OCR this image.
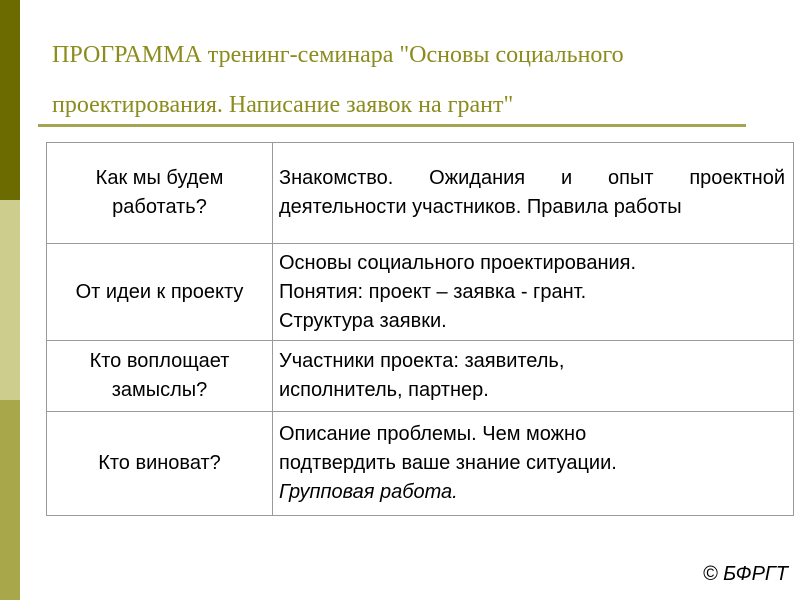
ПРОГРАММА тренинг-семинара "Основы социального
проектирования. Написание заявок на грант"
Как мы будем работать?	Знакомство. Ожидания и опыт проектной деятельности участников. Правила работы
От идеи к проекту	Основы социального проектирования.
Понятия: проект – заявка - грант.
Структура заявки.

Кто воплощает замыслы?	Участники проекта: заявитель,
исполнитель, партнер.

Кто виноват?	Описание проблемы. Чем можно
подтвердить ваше знание ситуации.
Групповая работа.
© БФРГТ
